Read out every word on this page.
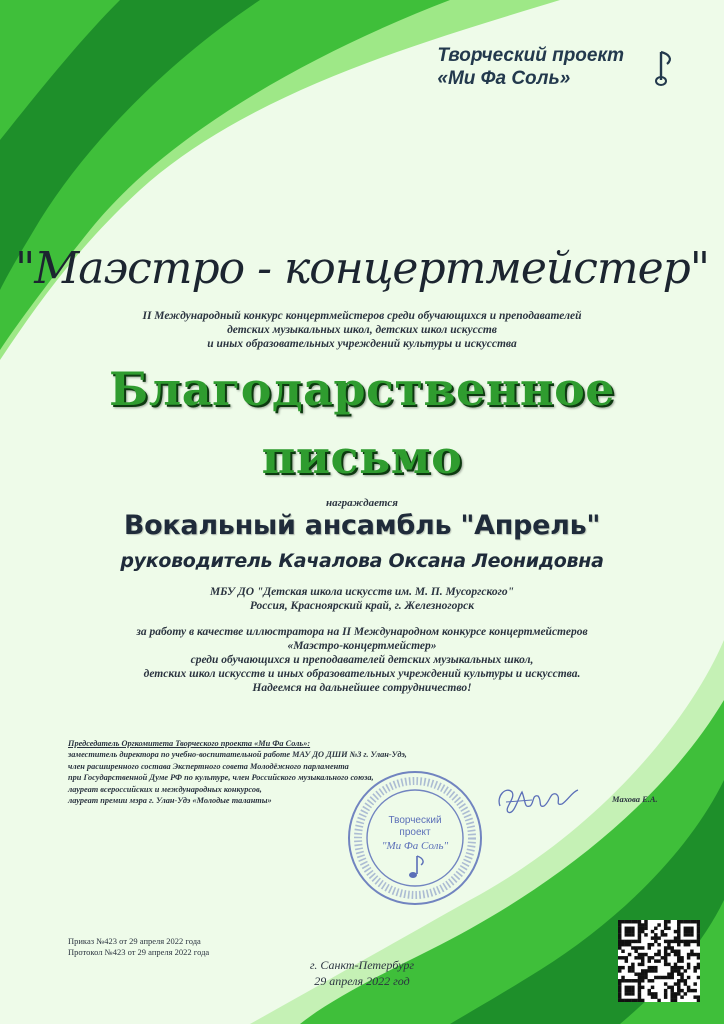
Творческий проект
«Ми Фа Соль»
"Маэстро - концертмейстер"
II Международный конкурс концертмейстеров среди обучающихся и преподавателей
детских музыкальных школ, детских школ искусств
и иных образовательных учреждений культуры и искусства
Благодарственное
письмо
награждается
Вокальный ансамбль "Апрель"
руководитель Качалова Оксана Леонидовна
МБУ ДО "Детская школа искусств им. М. П. Мусоргского"
Россия, Красноярский край, г. Железногорск
за работу в качестве иллюстратора на II Международном конкурсе концертмейстеров
«Маэстро-концертмейстер»
среди обучающихся и преподавателей детских музыкальных школ,
детских школ искусств и иных образовательных учреждений культуры и искусства.
Надеемся на дальнейшее сотрудничество!
Председатель Оргкомитета Творческого проекта «Ми Фа Соль»:
заместитель директора по учебно-воспитательной работе МАУ ДО ДШИ №3 г. Улан-Удэ,
член расширенного состава Экспертного совета Молодёжного парламента
при Государственной Думе РФ по культуре, член Российского музыкального союза,
лауреат всероссийских и международных конкурсов,
лауреат премии мэра г. Улан-Удэ «Молодые таланты»
Творческий
проект
"Ми Фа Соль"
Махова Е.А.
Приказ №423 от 29 апреля 2022 года
Протокол №423 от 29 апреля 2022 года
г. Санкт-Петербург
29 апреля 2022 год
